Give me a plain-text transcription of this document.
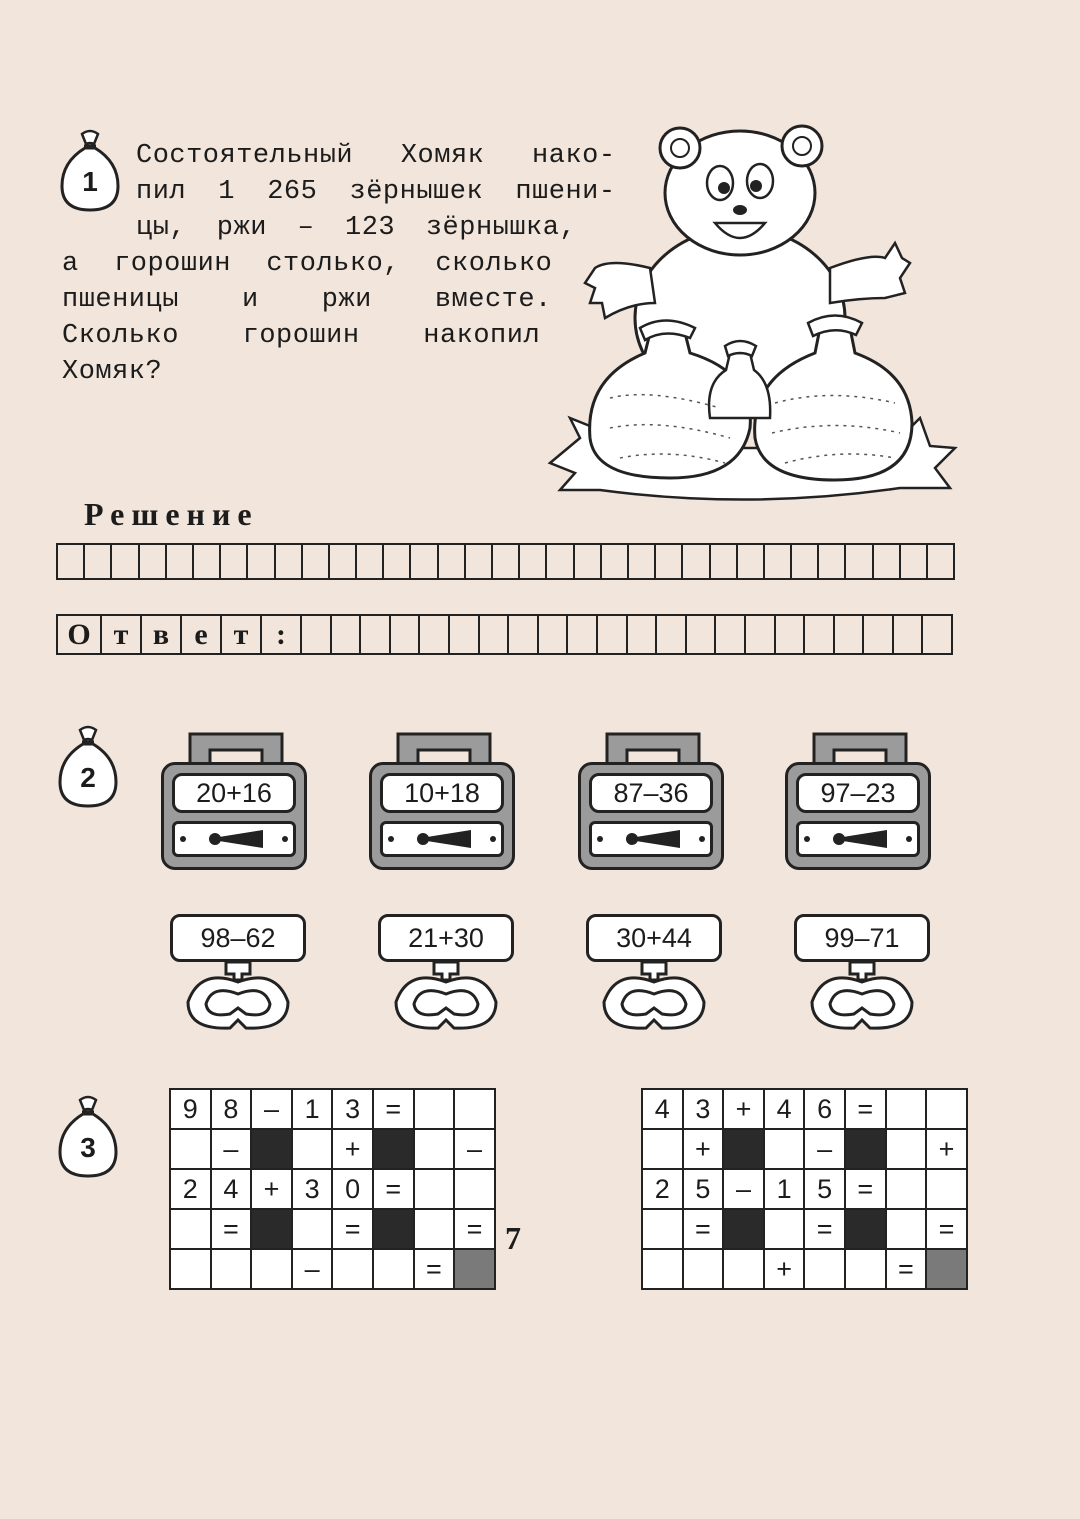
1
Состоятельный Хомяк нако-
пил 1 265 зёрнышек пшени-
цы, ржи – 123 зёрнышка,
а горошин столько, сколько
пшеницы и ржи вместе.
Сколько горошин накопил
Хомяк?
Решение
О т в е т :
2	20+16	10+18	87–36	97–23
98–62	21+30	30+44	99–71
3
9	8	–	1	3	=		
	–			+			–
2	4	+	3	0	=		
	=			=			=
			–			=	
4	3	+	4	6	=		
	+			–			+
2	5	–	1	5	=		
	=			=			=
			+			=	
7
